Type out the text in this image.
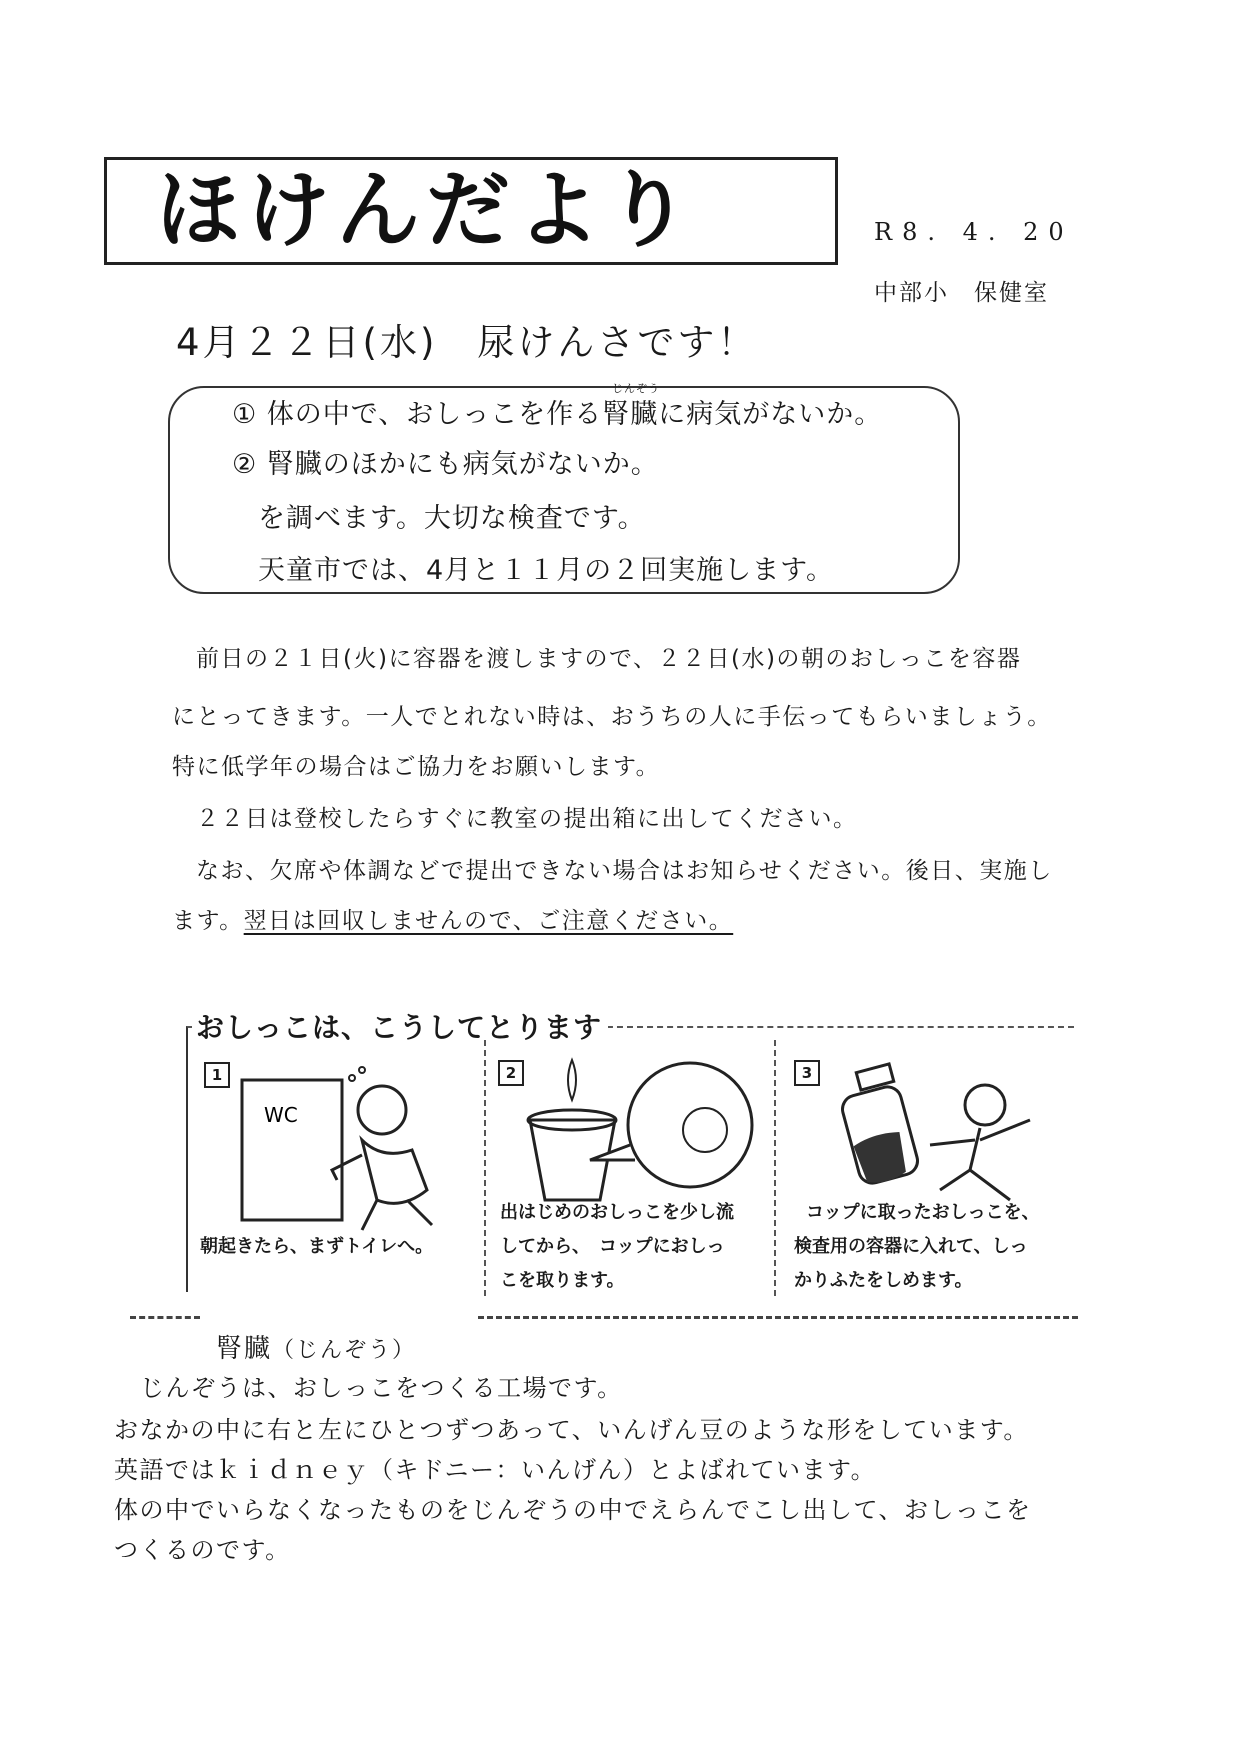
ほけんだより	R8. 4. 20
中部小　保健室
4月２２日(水)　尿けんさです！
じんぞう
① 体の中で、おしっこを作る腎臓に病気がないか。
② 腎臓のほかにも病気がないか。
を調べます。大切な検査です。
天童市では、4月と１１月の２回実施します。
前日の２１日(火)に容器を渡しますので、２２日(水)の朝のおしっこを容器
にとってきます。一人でとれない時は、おうちの人に手伝ってもらいましょう。
特に低学年の場合はご協力をお願いします。
２２日は登校したらすぐに教室の提出箱に出してください。
なお、欠席や体調などで提出できない場合はお知らせください。後日、実施し
ます。翌日は回収しませんので、ご注意ください。
おしっこは、こうしてとります
1
WC
朝起きたら、まずトイレへ。
2
出はじめのおしっこを少し流
してから、　コップにおしっ
こを取ります。
3
コップに取ったおしっこを、
検査用の容器に入れて、しっ
かりふたをしめます。
腎臓（じんぞう）
じんぞうは、おしっこをつくる工場です。
おなかの中に右と左にひとつずつあって、いんげん豆のような形をしています。
英語ではｋｉｄｎｅｙ（キドニー：いんげん）とよばれています。
体の中でいらなくなったものをじんぞうの中でえらんでこし出して、おしっこを
つくるのです。
